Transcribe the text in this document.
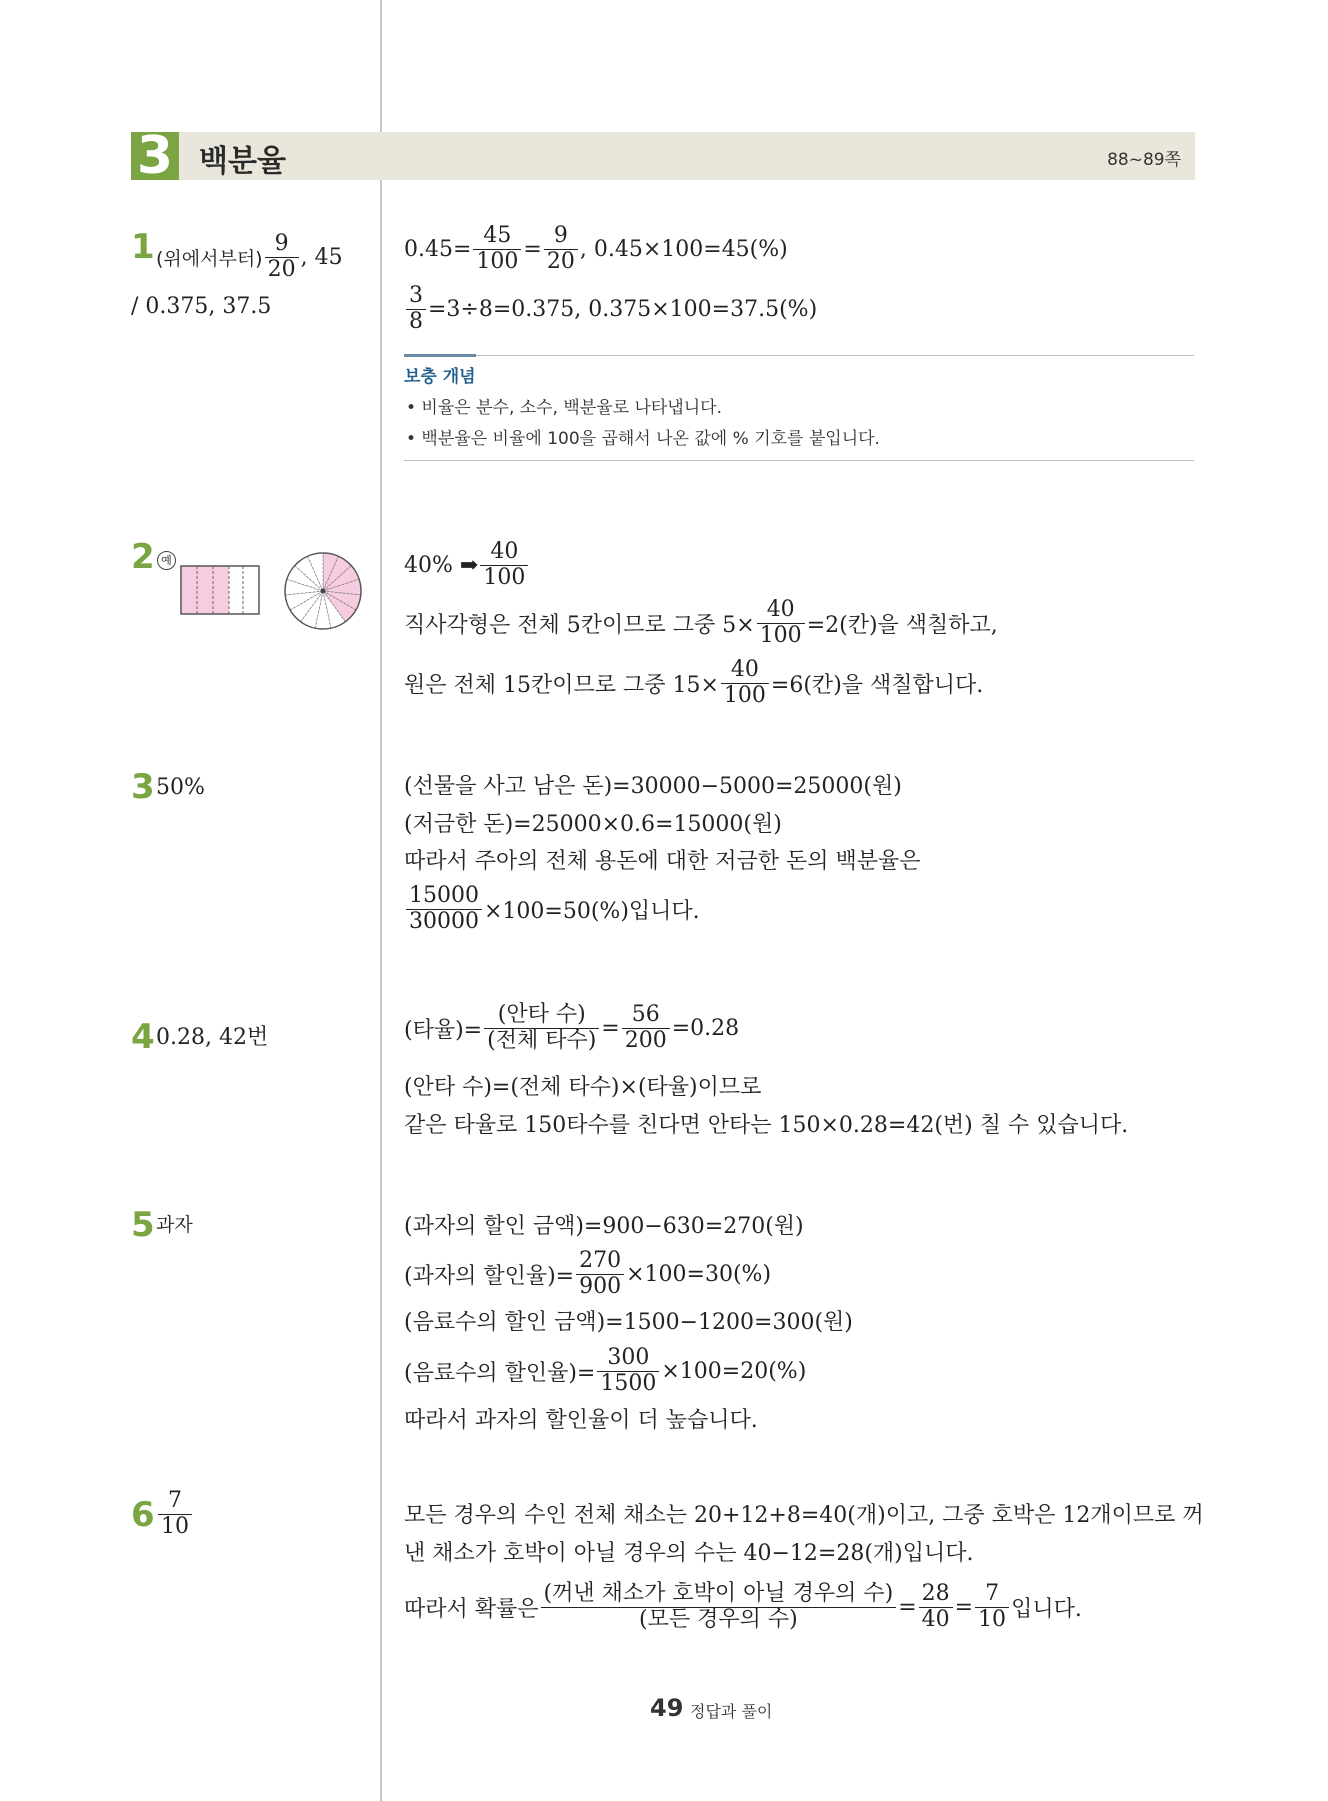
3 백분율	88~89쪽
1 (위에서부터) $\frac{9}{20}$ , 45
/ 0.375, 37.5
$0.45= \frac{45}{100} = \frac{9}{20}$ , 0.45×100=45(%)
$\frac{3}{8} =3\div 8=0.375$, 0.375×100=37.5(%)
보충 개념
• 비율은 분수, 소수, 백분율로 나타냅니다.
• 백분율은 비율에 100을 곱해서 나온 값에 % 기호를 붙입니다.
2 예	40% ➡ $\frac{40}{100}$
직사각형은 전체 5칸이므로 그중 $5\times \frac{40}{100} =2$(칸)을 색칠하고,
원은 전체 15칸이므로 그중 $15\times \frac{40}{100} =6$(칸)을 색칠합니다.
3 50%	(선물을 사고 남은 돈)=30000−5000=25000(원)
(저금한 돈)=25000×0.6=15000(원)
따라서 주아의 전체 용돈에 대한 저금한 돈의 백분율은
$\frac{15000}{30000} \times 100=50(\%)$입니다.
4 0.28, 42번	(타율)= $\frac{\text{(안타 수)}}{\text{(전체 타수)}} = \frac{56}{200} =0.28$
(안타 수)=(전체 타수)×(타율)이므로
같은 타율로 150타수를 친다면 안타는 150×0.28=42(번) 칠 수 있습니다.
5 과자	(과자의 할인 금액)=900−630=270(원)
(과자의 할인율)= $\frac{270}{900} \times 100=30(\%)$
(음료수의 할인 금액)=1500−1200=300(원)
(음료수의 할인율)= $\frac{300}{1500} \times 100=20(\%)$
따라서 과자의 할인율이 더 높습니다.
$6 \frac{7}{10}$	모든 경우의 수인 전체 채소는 20+12+8=40(개)이고, 그중 호박은 12개이므로 꺼
낸 채소가 호박이 아닐 경우의 수는 40−12=28(개)입니다.
따라서 확률은 $\frac{\text{(꺼낸 채소가 호박이 아닐 경우의 수)}}{\text{(모든 경우의 수)}} = \frac{28}{40} = \frac{7}{10}$ 입니다.
49 정답과 풀이
